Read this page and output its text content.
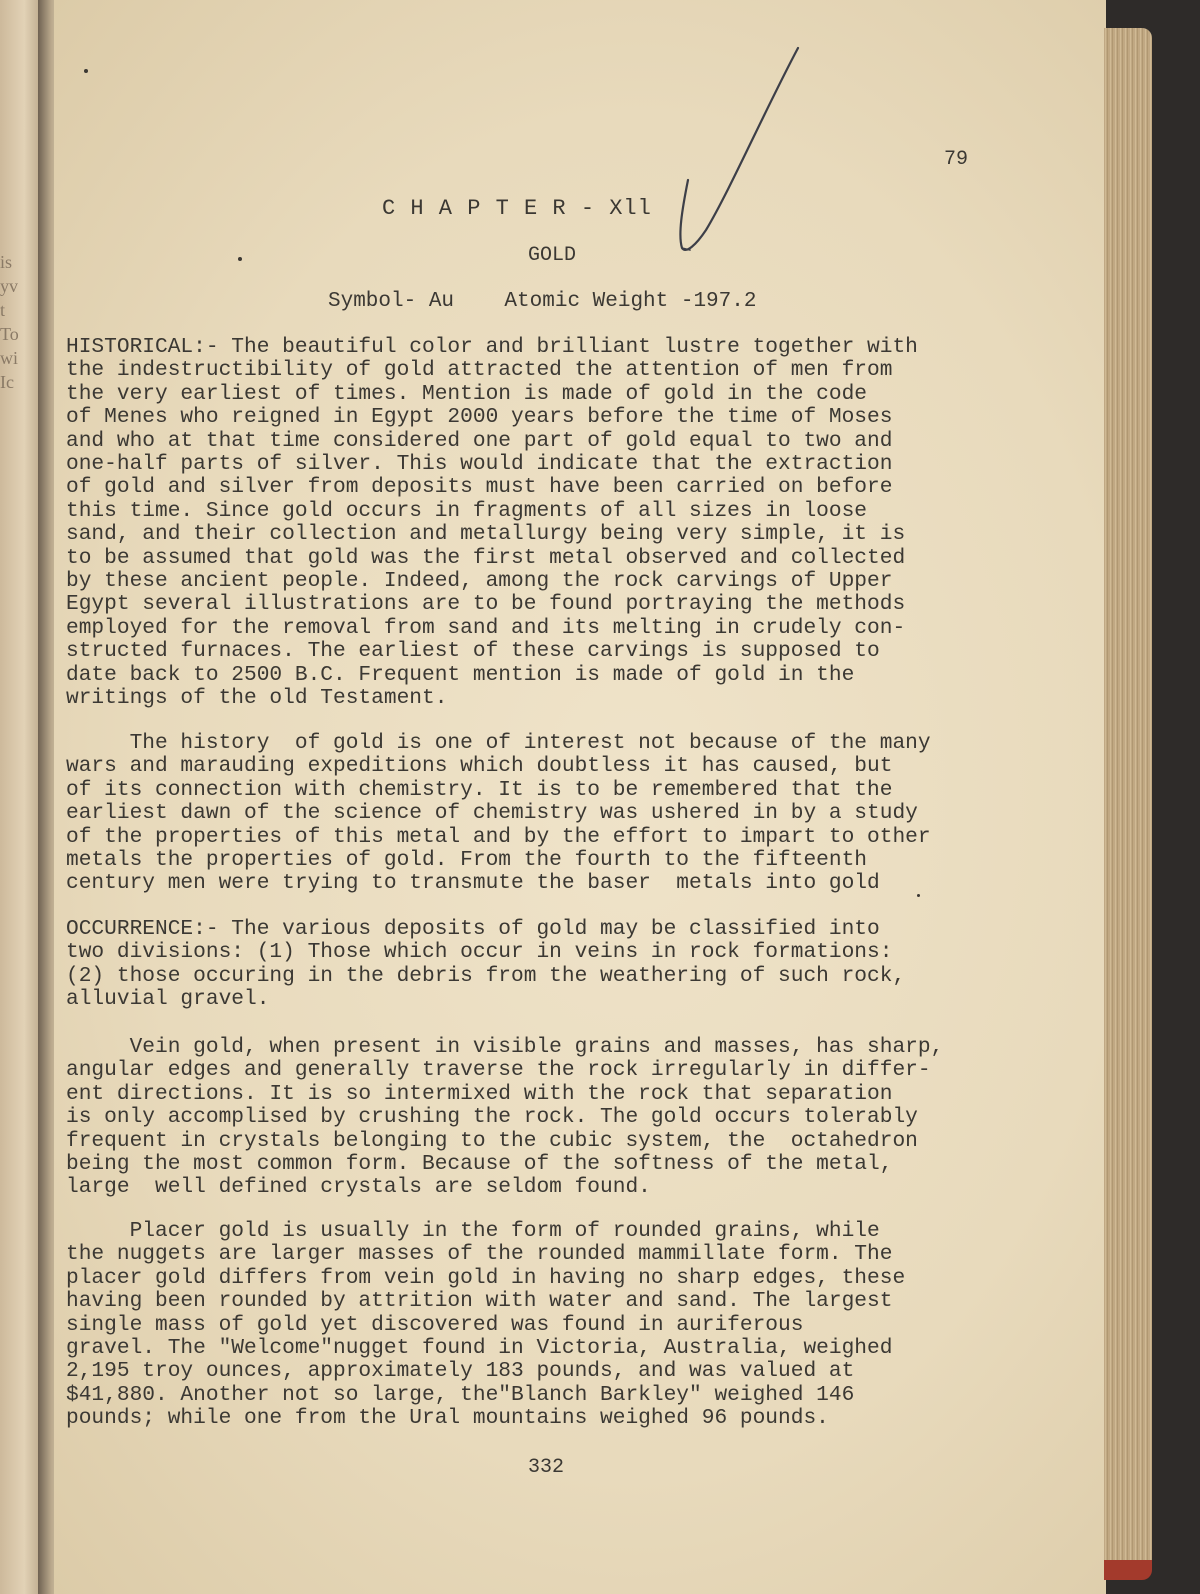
is
yv
t
To
wi
Ic
79
C H A P T E R - Xll
GOLD
Symbol- Au    Atomic Weight -197.2
HISTORICAL:- The beautiful color and brilliant lustre together with
the indestructibility of gold attracted the attention of men from
the very earliest of times. Mention is made of gold in the code
of Menes who reigned in Egypt 2000 years before the time of Moses
and who at that time considered one part of gold equal to two and
one-half parts of silver. This would indicate that the extraction
of gold and silver from deposits must have been carried on before
this time. Since gold occurs in fragments of all sizes in loose
sand, and their collection and metallurgy being very simple, it is
to be assumed that gold was the first metal observed and collected
by these ancient people. Indeed, among the rock carvings of Upper
Egypt several illustrations are to be found portraying the methods
employed for the removal from sand and its melting in crudely con-
structed furnaces. The earliest of these carvings is supposed to
date back to 2500 B.C. Frequent mention is made of gold in the
writings of the old Testament.
The history  of gold is one of interest not because of the many
wars and marauding expeditions which doubtless it has caused, but
of its connection with chemistry. It is to be remembered that the
earliest dawn of the science of chemistry was ushered in by a study
of the properties of this metal and by the effort to impart to other
metals the properties of gold. From the fourth to the fifteenth
century men were trying to transmute the baser  metals into gold
OCCURRENCE:- The various deposits of gold may be classified into
two divisions: (1) Those which occur in veins in rock formations:
(2) those occuring in the debris from the weathering of such rock,
alluvial gravel.
Vein gold, when present in visible grains and masses, has sharp,
angular edges and generally traverse the rock irregularly in differ-
ent directions. It is so intermixed with the rock that separation
is only accomplised by crushing the rock. The gold occurs tolerably
frequent in crystals belonging to the cubic system, the  octahedron
being the most common form. Because of the softness of the metal,
large  well defined crystals are seldom found.
Placer gold is usually in the form of rounded grains, while
the nuggets are larger masses of the rounded mammillate form. The
placer gold differs from vein gold in having no sharp edges, these
having been rounded by attrition with water and sand. The largest
single mass of gold yet discovered was found in auriferous
gravel. The "Welcome"nugget found in Victoria, Australia, weighed
2,195 troy ounces, approximately 183 pounds, and was valued at
$41,880. Another not so large, the"Blanch Barkley" weighed 146
pounds; while one from the Ural mountains weighed 96 pounds.
332
